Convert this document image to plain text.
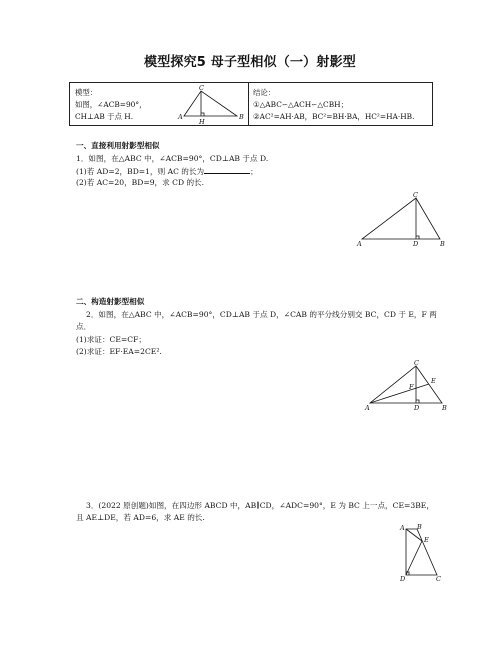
模型探究5 母子型相似（一）射影型
模型：
如图，∠ACB=90°，
CH⊥AB 于点 H.	A	B
C
H
结论：
①△ABC∽△ACH∽△CBH；
②AC²=AH·AB，BC²=BH·BA，HC²=HA·HB.
一、直接利用射影型相似
1．如图，在△ABC 中，∠ACB=90°，CD⊥AB 于点 D.
(1)若 AD=2，BD=1，则 AC 的长为	；
(2)若 AC=20，BD=9，求 CD 的长.
A	B
C
D
二、构造射影型相似
2．如图，在△ABC 中，∠ACB=90°，CD⊥AB 于点 D，∠CAB 的平分线分别交 BC，CD 于 E，F 两
点．
(1)求证：CE=CF；
(2)求证：EF·EA=2CE².
A	B
C
D
E
F
3．(2022 原创题)如图，在四边形 ABCD 中，AB∥CD，∠ADC=90°，E 为 BC 上一点，CE=3BE，
且 AE⊥DE，若 AD=6，求 AE 的长.
A B
E
D	C
